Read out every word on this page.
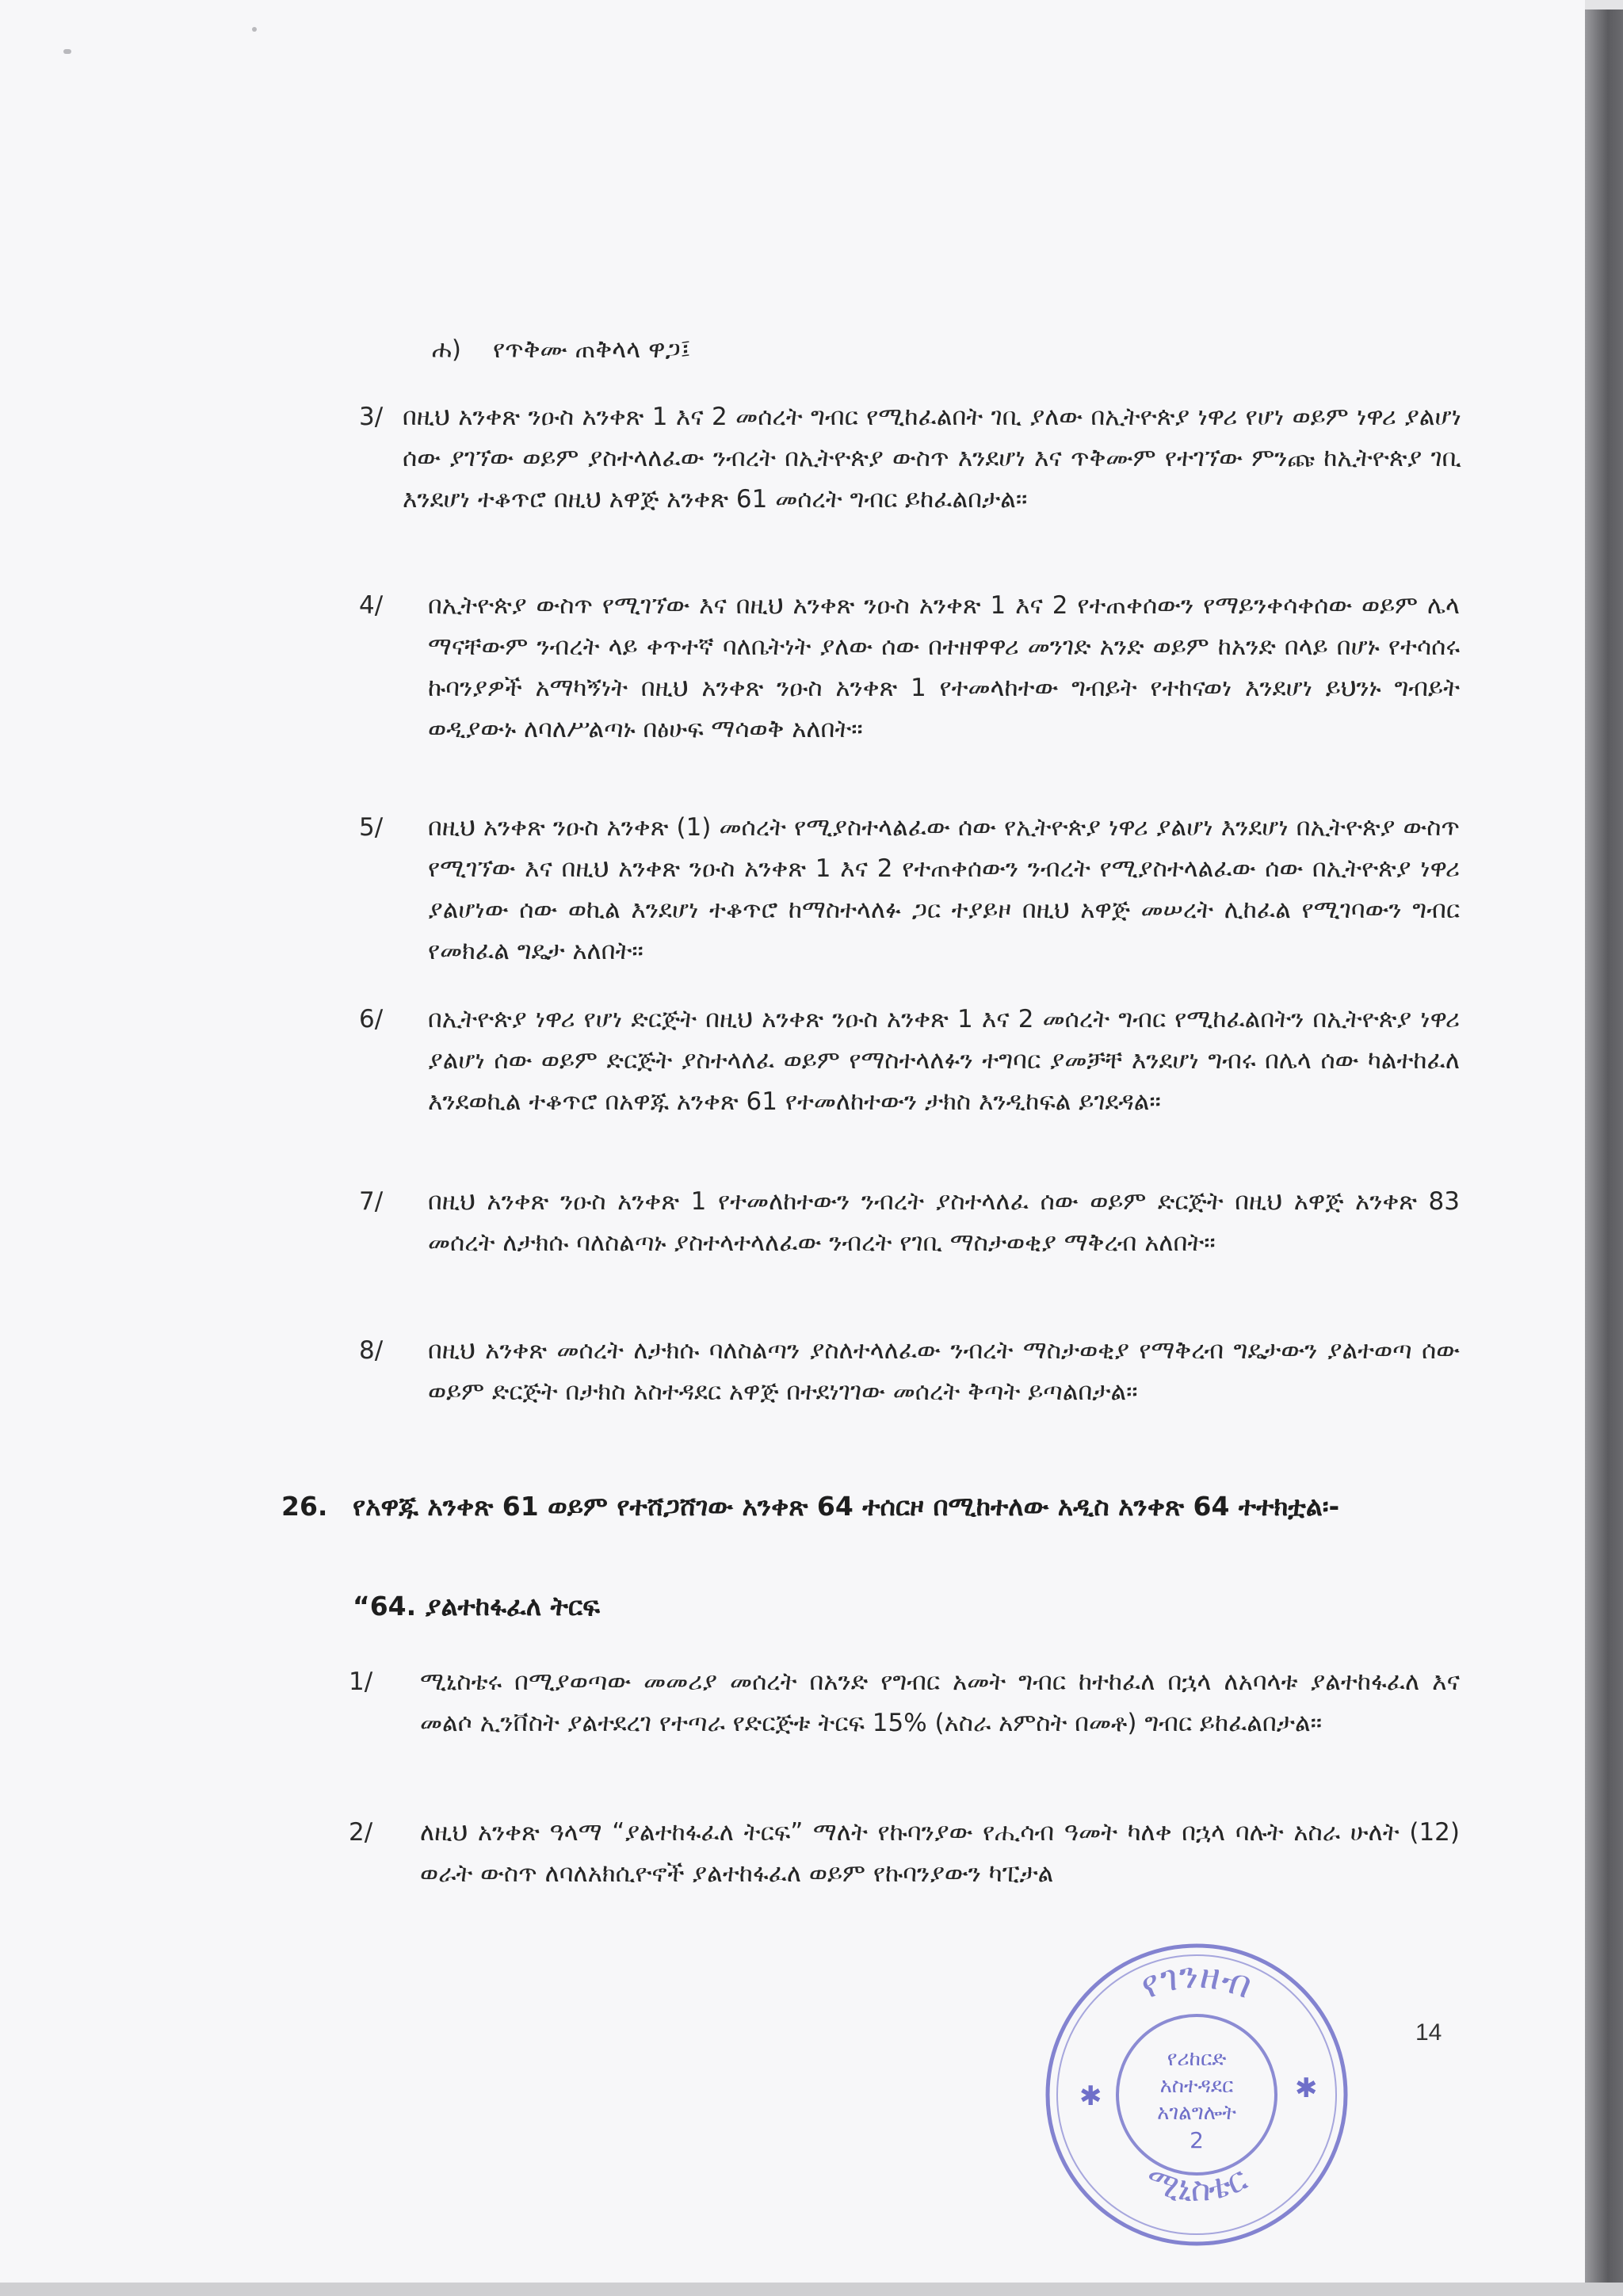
ሐ) የጥቅሙ ጠቅላላ ዋጋ፤
3/ በዚህ አንቀጽ ንዑስ አንቀጽ 1 እና 2 መሰረት ግብር የሚከፈልበት ገቢ ያለው በኢትዮጵያ ነዋሪ የሆነ ወይም ነዋሪ ያልሆነ ሰው ያገኘው ወይም ያስተላለፈው ንብረት በኢትዮጵያ ውስጥ እንደሆነ እና ጥቅሙም የተገኘው ምንጩ ከኢትዮጵያ ገቢ እንደሆነ ተቆጥሮ በዚህ አዋጅ አንቀጽ 61 መሰረት ግብር ይከፈልበታል።
4/ በኢትዮጵያ ውስጥ የሚገኘው እና በዚህ አንቀጽ ንዑስ አንቀጽ 1 እና 2 የተጠቀሰውን የማይንቀሳቀሰው ወይም ሌላ ማናቸውም ንብረት ላይ ቀጥተኛ ባለቤትነት ያለው ሰው በተዘዋዋሪ መንገድ አንድ ወይም ከአንድ በላይ በሆኑ የተሳሰሩ ኩባንያዎች አማካኝነት በዚህ አንቀጽ ንዑስ አንቀጽ 1 የተመላከተው ግብይት የተከናወነ እንደሆነ ይህንኑ ግብይት ወዲያውኑ ለባለሥልጣኑ በፅሁፍ ማሳወቅ አለበት።
5/ በዚህ አንቀጽ ንዑስ አንቀጽ (1) መሰረት የሚያስተላልፈው ሰው የኢትዮጵያ ነዋሪ ያልሆነ እንደሆነ በኢትዮጵያ ውስጥ የሚገኘው እና በዚህ አንቀጽ ንዑስ አንቀጽ 1 እና 2 የተጠቀሰውን ንብረት የሚያስተላልፈው ሰው በኢትዮጵያ ነዋሪ ያልሆነው ሰው ወኪል እንደሆነ ተቆጥሮ ከማስተላለፉ ጋር ተያይዞ በዚህ አዋጅ መሠረት ሊከፈል የሚገባውን ግብር የመክፈል ግዴታ አለበት።
6/ በኢትዮጵያ ነዋሪ የሆነ ድርጅት በዚህ አንቀጽ ንዑስ አንቀጽ 1 እና 2 መሰረት ግብር የሚከፈልበትን በኢትዮጵያ ነዋሪ ያልሆነ ሰው ወይም ድርጅት ያስተላለፈ ወይም የማስተላለፉን ተግባር ያመቻቸ እንደሆነ ግብሩ በሌላ ሰው ካልተከፈለ እንደወኪል ተቆጥሮ በአዋጁ አንቀጽ 61 የተመለከተውን ታክስ እንዲከፍል ይገደዳል።
7/ በዚህ አንቀጽ ንዑስ አንቀጽ 1 የተመለከተውን ንብረት ያስተላለፈ ሰው ወይም ድርጅት በዚህ አዋጅ አንቀጽ 83 መሰረት ለታክሱ ባለስልጣኑ ያስተላተላለፈው ንብረት የገቢ ማስታወቂያ ማቅረብ አለበት።
8/ በዚህ አንቀጽ መሰረት ለታክሱ ባለስልጣን ያስለተላለፈው ንብረት ማስታወቂያ የማቅረብ ግዴታውን ያልተወጣ ሰው ወይም ድርጅት በታክስ አስተዳደር አዋጅ በተደነገገው መሰረት ቅጣት ይጣልበታል።
26. የአዋጁ አንቀጽ 61 ወይም የተሸጋሸገው አንቀጽ 64 ተሰርዞ በሚከተለው አዲስ አንቀጽ 64 ተተክቷል፡-
“64. ያልተከፋፈለ ትርፍ
1/ ሚኒስቴሩ በሚያወጣው መመሪያ መሰረት በአንድ የግብር አመት ግብር ከተከፈለ በኋላ ለአባላቱ ያልተከፋፈለ እና መልሶ ኢንቨስት ያልተደረገ የተጣራ የድርጅቱ ትርፍ 15% (አስራ አምስት በመቶ) ግብር ይከፈልበታል።
2/ ለዚህ አንቀጽ ዓላማ “ያልተከፋፈለ ትርፍ” ማለት የኩባንያው የሒሳብ ዓመት ካለቀ በኋላ ባሉት አስራ ሁለት (12) ወራት ውስጥ ለባለአክሲዮኖች ያልተከፋፈለ ወይም የኩባንያውን ካፒታል
የገንዘብ
ሚኒስቴር
✱	✱
የሪከርድ
አስተዳደር
አገልግሎት
2
14
